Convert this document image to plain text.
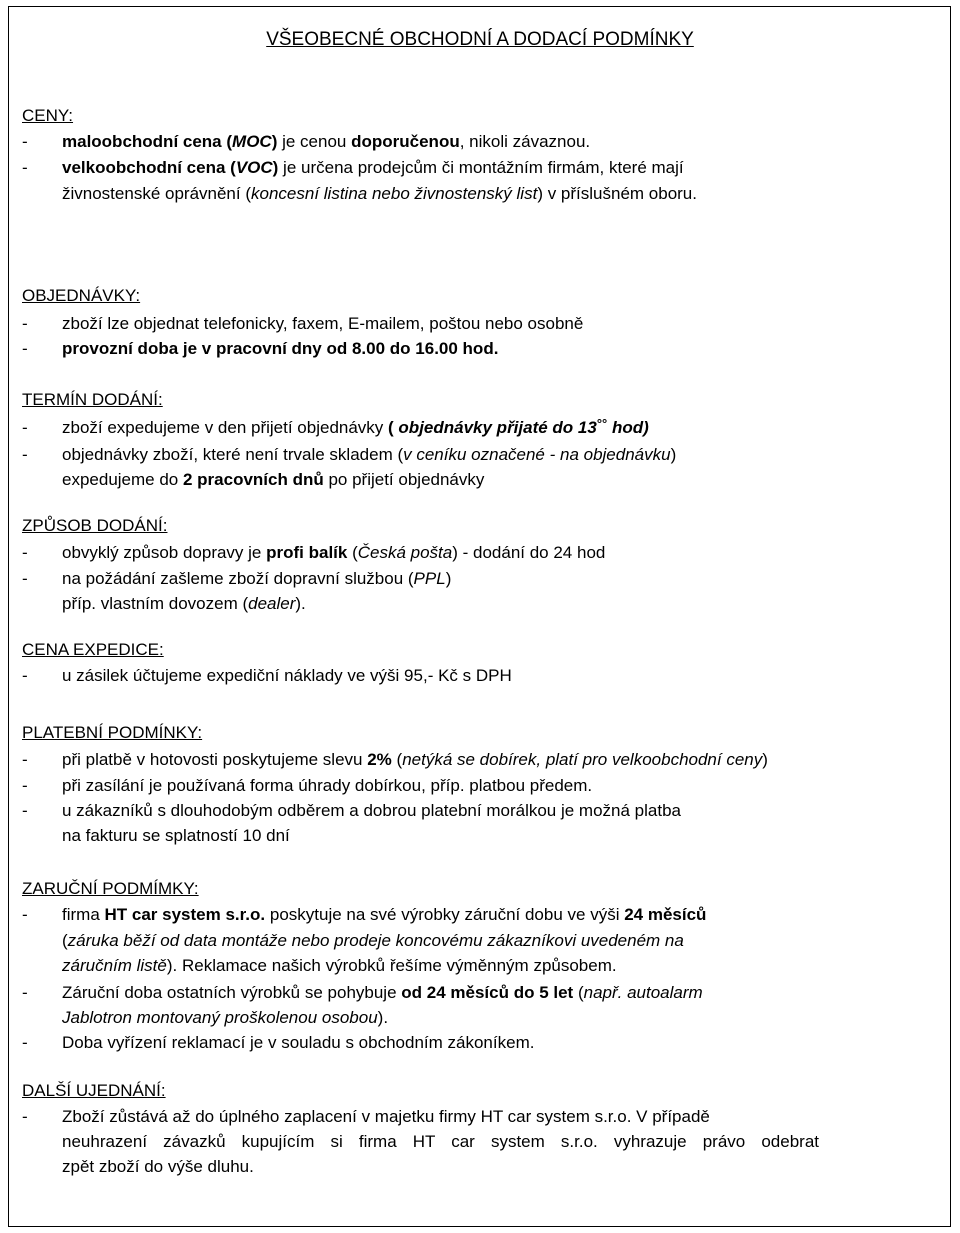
VŠEOBECNÉ OBCHODNÍ A DODACÍ PODMÍNKY
CENY:
- maloobchodní cena (MOC) je cenou doporučenou, nikoli závaznou.
- velkoobchodní cena (VOC) je určena prodejcům či montážním firmám, které mají
živnostenské oprávnění (koncesní listina nebo živnostenský list) v příslušném oboru.
OBJEDNÁVKY:
- zboží lze objednat telefonicky, faxem, E-mailem, poštou nebo osobně
- provozní doba je v pracovní dny od 8.00 do 16.00 hod.
TERMÍN DODÁNÍ:
- zboží expedujeme v den přijetí objednávky ( objednávky přijaté do 13°° hod)
- objednávky zboží, které není trvale skladem (v ceníku označené - na objednávku)
expedujeme do 2 pracovních dnů po přijetí objednávky
ZPŮSOB DODÁNÍ:
- obvyklý způsob dopravy je profi balík (Česká pošta) - dodání do 24 hod
- na požádání zašleme zboží dopravní službou (PPL)
příp. vlastním dovozem (dealer).
CENA EXPEDICE:
- u zásilek účtujeme expediční náklady ve výši 95,- Kč s DPH
PLATEBNÍ PODMÍNKY:
- při platbě v hotovosti poskytujeme slevu 2% (netýká se dobírek, platí pro velkoobchodní ceny)
- při zasílání je používaná forma úhrady dobírkou, příp. platbou předem.
- u zákazníků s dlouhodobým odběrem a dobrou platební morálkou je možná platba
na fakturu se splatností 10 dní
ZARUČNÍ PODMÍMKY:
- firma HT car system s.r.o. poskytuje na své výrobky záruční dobu ve výši 24 měsíců
(záruka běží od data montáže nebo prodeje koncovému zákazníkovi uvedeném na
záručním listě). Reklamace našich výrobků řešíme výměnným způsobem.
- Záruční doba ostatních výrobků se pohybuje od 24 měsíců do 5 let (např. autoalarm
Jablotron montovaný proškolenou osobou).
- Doba vyřízení reklamací je v souladu s obchodním zákoníkem.
DALŠÍ UJEDNÁNÍ:
- Zboží zůstává až do úplného zaplacení v majetku firmy HT car system s.r.o. V případě
neuhrazení závazků kupujícím si firma HT car system s.r.o. vyhrazuje právo odebrat
zpět zboží do výše dluhu.
